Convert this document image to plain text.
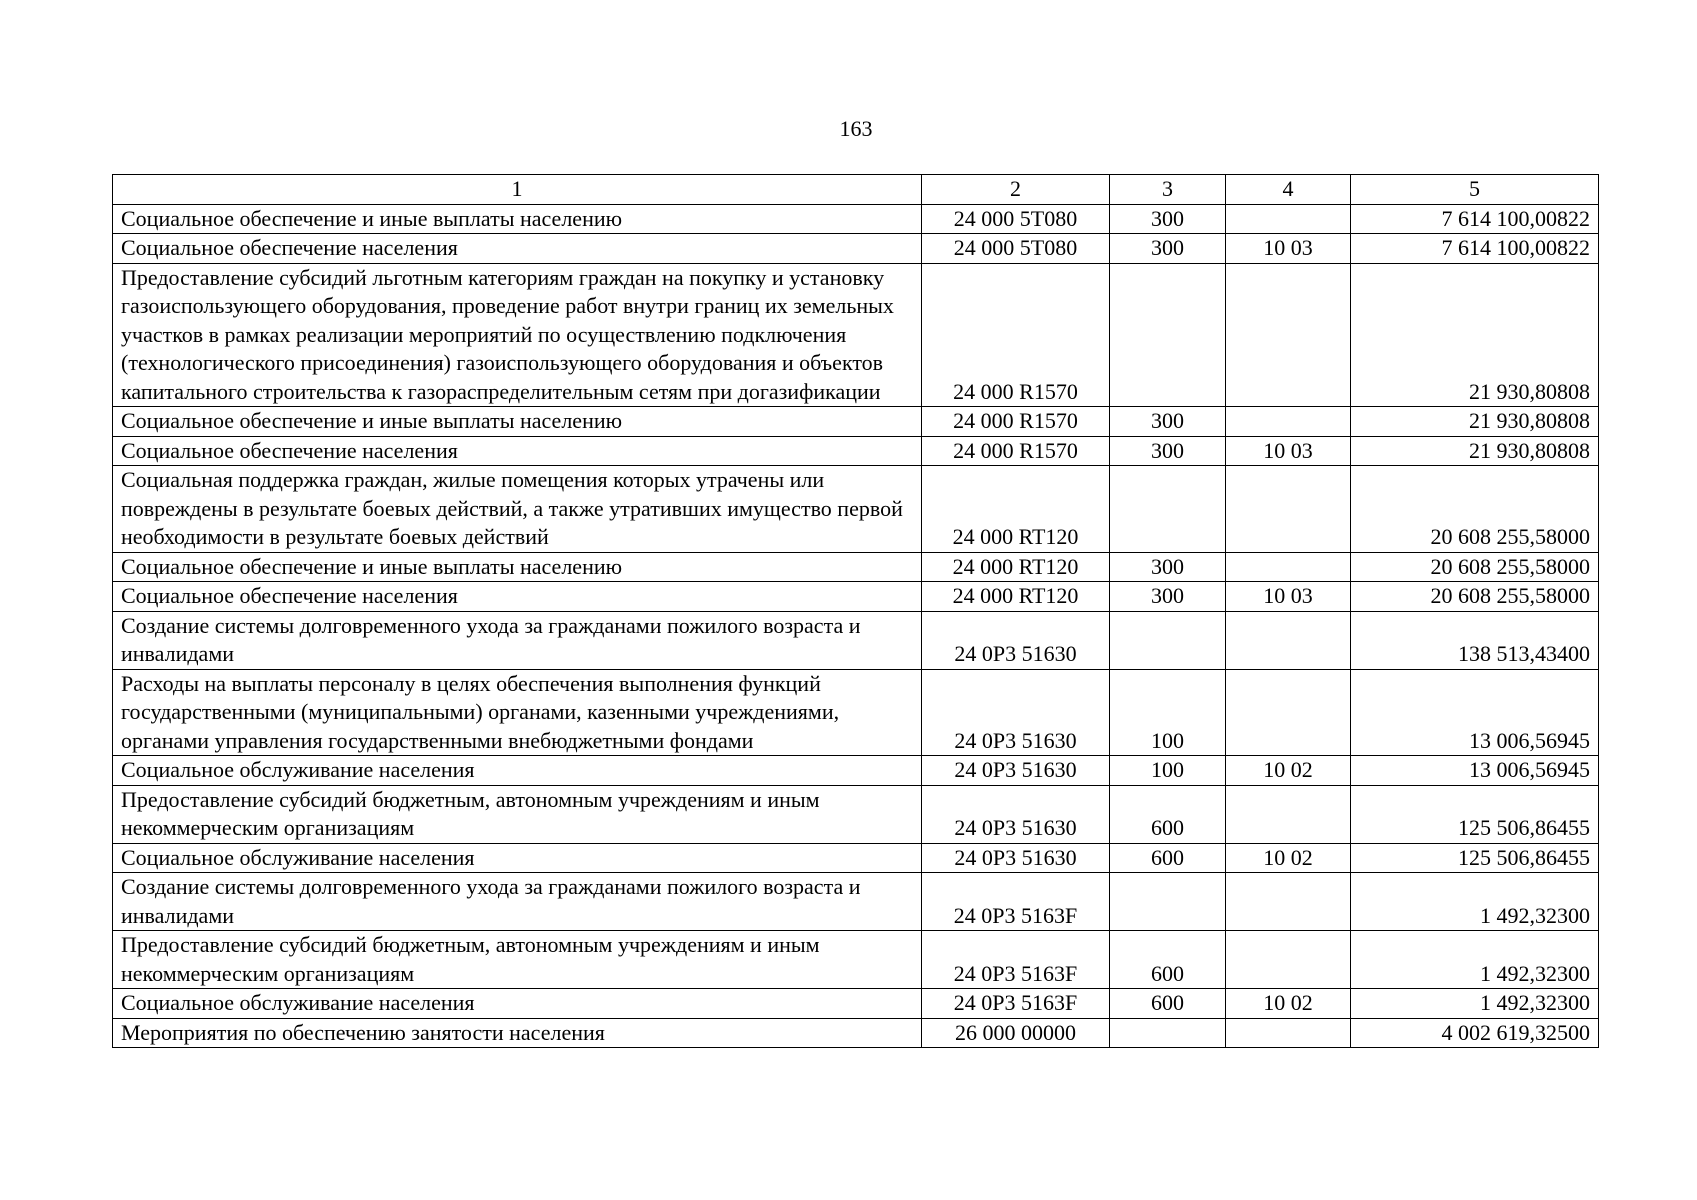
163
1	2	3	4	5
Социальное обеспечение и иные выплаты населению	24 000 5T080	300		7 614 100,00822
Социальное обеспечение населения	24 000 5T080	300	10 03	7 614 100,00822
Предоставление субсидий льготным категориям граждан на покупку и установку газоиспользующего оборудования, проведение работ внутри границ их земельных участков в рамках реализации мероприятий по осуществлению подключения (технологического присоединения) газоиспользующего оборудования и объектов капитального строительства к газораспределительным сетям при догазификации	24 000 R1570			21 930,80808
Социальное обеспечение и иные выплаты населению	24 000 R1570	300		21 930,80808
Социальное обеспечение населения	24 000 R1570	300	10 03	21 930,80808
Социальная поддержка граждан, жилые помещения которых утрачены или повреждены в результате боевых действий, а также утративших имущество первой необходимости в результате боевых действий	24 000 RT120			20 608 255,58000
Социальное обеспечение и иные выплаты населению	24 000 RT120	300		20 608 255,58000
Социальное обеспечение населения	24 000 RT120	300	10 03	20 608 255,58000
Создание системы долговременного ухода за гражданами пожилого возраста и инвалидами	24 0Р3 51630			138 513,43400
Расходы на выплаты персоналу в целях обеспечения выполнения функций государственными (муниципальными) органами, казенными учреждениями, органами управления государственными внебюджетными фондами	24 0Р3 51630	100		13 006,56945
Социальное обслуживание населения	24 0Р3 51630	100	10 02	13 006,56945
Предоставление субсидий бюджетным, автономным учреждениям и иным некоммерческим организациям	24 0Р3 51630	600		125 506,86455
Социальное обслуживание населения	24 0Р3 51630	600	10 02	125 506,86455
Создание системы долговременного ухода за гражданами пожилого возраста и инвалидами	24 0Р3 5163F			1 492,32300
Предоставление субсидий бюджетным, автономным учреждениям и иным некоммерческим организациям	24 0Р3 5163F	600		1 492,32300
Социальное обслуживание населения	24 0Р3 5163F	600	10 02	1 492,32300
Мероприятия по обеспечению занятости населения	26 000 00000			4 002 619,32500
